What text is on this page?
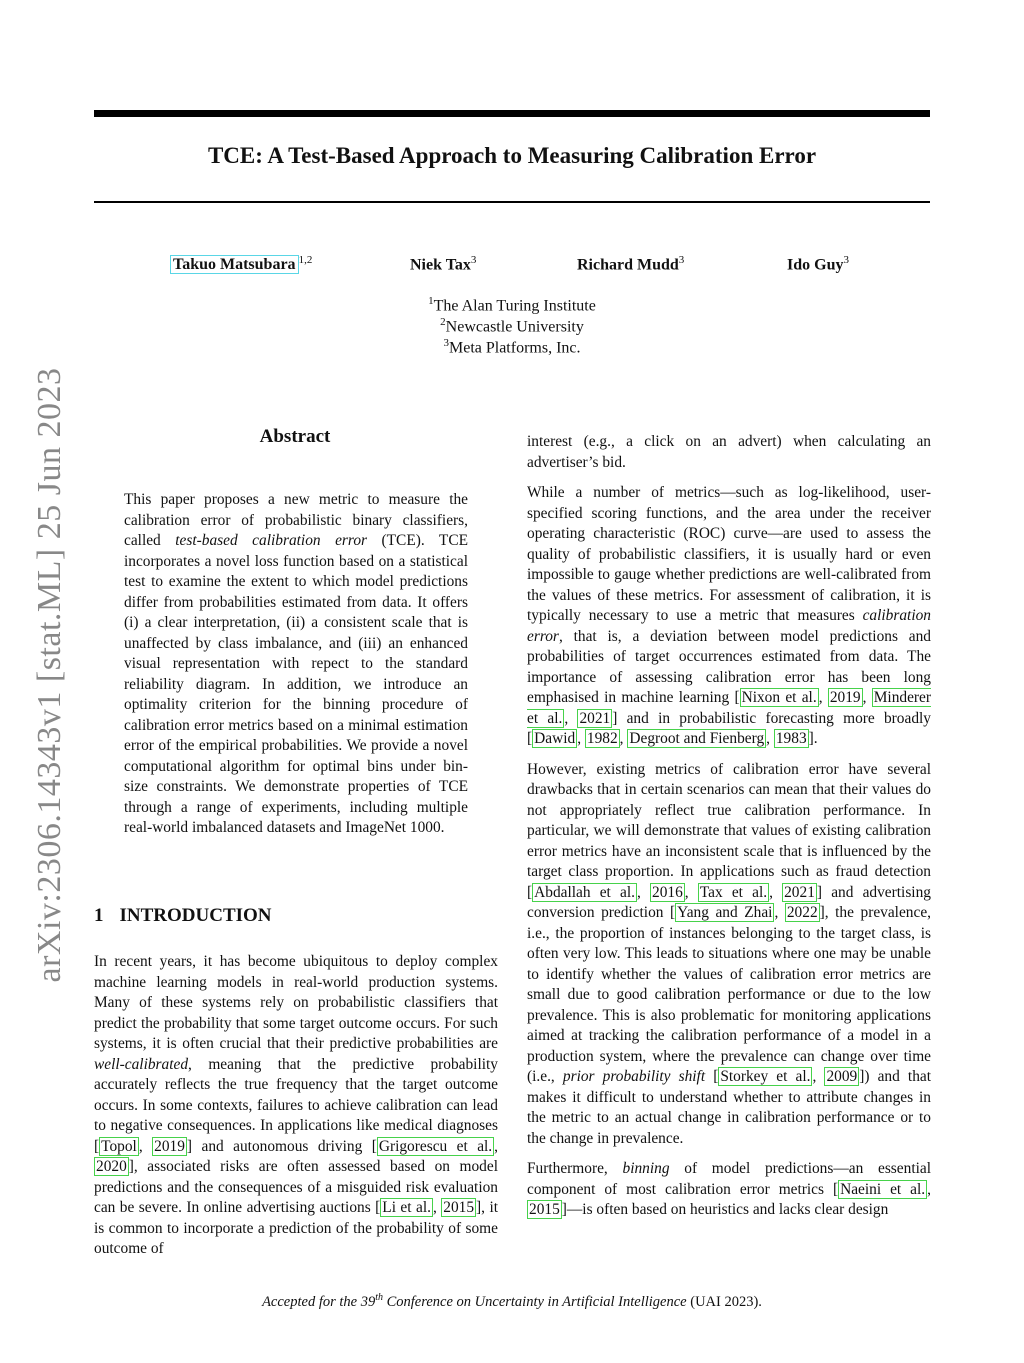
TCE: A Test-Based Approach to Measuring Calibration Error
Takuo Matsubara $^{1,2}$	Niek Tax$^3$	Richard Mudd$^3$	Ido Guy$^3$
$^1$The Alan Turing Institute
$^2$Newcastle University
$^3$Meta Platforms, Inc.
arXiv:2306.14343v1 [stat.ML] 25 Jun 2023	Abstract

This paper proposes a new metric to measure the calibration error of probabilistic binary classifiers, called test-based calibration error (TCE). TCE incorporates a novel loss function based on a statistical test to examine the extent to which model predictions differ from probabilities estimated from data. It offers (i) a clear interpretation, (ii) a consistent scale that is unaffected by class imbalance, and (iii) an enhanced visual representation with repect to the standard reliability diagram. In addition, we introduce an optimality criterion for the binning procedure of calibration error metrics based on a minimal estimation error of the empirical probabilities. We provide a novel computational algorithm for optimal bins under bin-size constraints. We demonstrate properties of TCE through a range of experiments, including multiple real-world imbalanced datasets and ImageNet 1000.

1 INTRODUCTION

In recent years, it has become ubiquitous to deploy complex machine learning models in real-world production systems. Many of these systems rely on probabilistic classifiers that predict the probability that some target outcome occurs. For such systems, it is often crucial that their predictive probabilities are well-calibrated, meaning that the predictive probability accurately reflects the true frequency that the target outcome occurs. In some contexts, failures to achieve calibration can lead to negative consequences. In applications like medical diagnoses [ Topol , 2019 ] and autonomous driving [ Grigorescu et al. , 2020 ], associated risks are often assessed based on model predictions and the consequences of a misguided risk evaluation can be severe. In online advertising auctions [ Li et al. , 2015 ], it is common to incorporate a prediction of the probability of some outcome of

interest (e.g., a click on an advert) when calculating an advertiser’s bid.

While a number of metrics—such as log-likelihood, user-specified scoring functions, and the area under the receiver operating characteristic (ROC) curve—are used to assess the quality of probabilistic classifiers, it is usually hard or even impossible to gauge whether predictions are well-calibrated from the values of these metrics. For assessment of calibration, it is typically necessary to use a metric that measures calibration error, that is, a deviation between model predictions and probabilities of target occurrences estimated from data. The importance of assessing calibration error has been long emphasised in machine learning [ Nixon et al. , 2019 , Minderer et al. , 2021 ] and in probabilistic forecasting more broadly [ Dawid , 1982 , Degroot and Fienberg , 1983 ].

However, existing metrics of calibration error have several drawbacks that in certain scenarios can mean that their values do not appropriately reflect true calibration performance. In particular, we will demonstrate that values of existing calibration error metrics have an inconsistent scale that is influenced by the target class proportion. In applications such as fraud detection [ Abdallah et al. , 2016 , Tax et al. , 2021 ] and advertising conversion prediction [ Yang and Zhai , 2022 ], the prevalence, i.e., the proportion of instances belonging to the target class, is often very low. This leads to situations where one may be unable to identify whether the values of calibration error metrics are small due to good calibration performance or due to the low prevalence. This is also problematic for monitoring applications aimed at tracking the calibration performance of a model in a production system, where the prevalence can change over time (i.e., prior probability shift [ Storkey et al. , 2009 ]) and that makes it difficult to understand whether to attribute changes in the metric to an actual change in calibration performance or to the change in prevalence.

Furthermore, binning of model predictions—an essential component of most calibration error metrics [ Naeini et al. , 2015 ]—is often based on heuristics and lacks clear design

Accepted for the 39th Conference on Uncertainty in Artificial Intelligence (UAI 2023).
